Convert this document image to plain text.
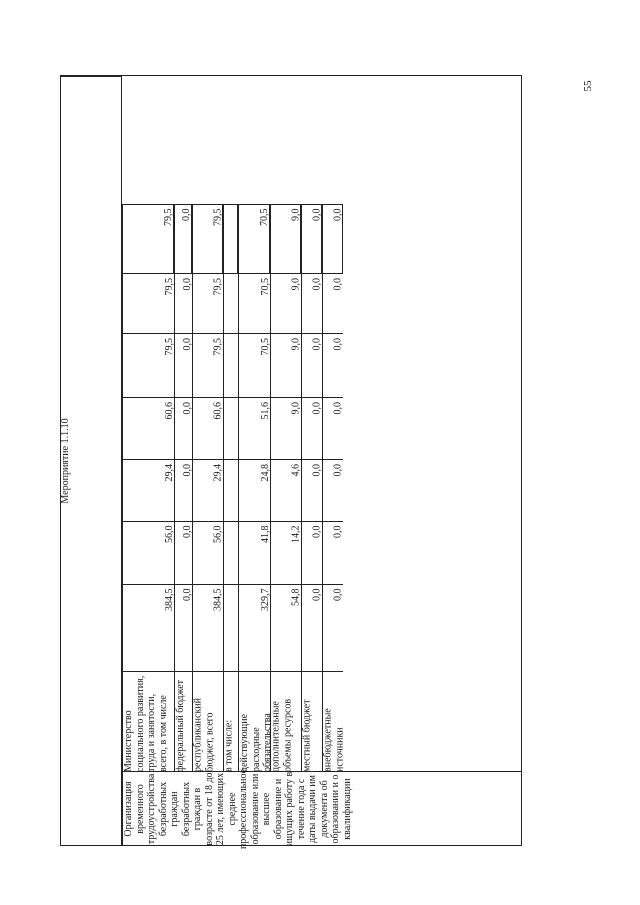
55
Мероприятие 1.1.10
Организация временного трудоустройства безработных граждан безработных граждан в возрасте от 18 до 25 лет, имеющих среднее профессиональное образование или высшее образование и ищущих работу в течение года с даты выдачи им документа об образовании и о квалификации
Министерство социального развития, труда и занятости, всего, в том числе
384,5
56,0
29,4
60,6
79,5
79,5
79,5
федеральный бюджет
0,0
0,0
0,0
0,0
0,0
0,0
0,0
республиканский бюджет, всего
384,5
56,0
29,4
60,6
79,5
79,5
79,5
в том числе: действующие расходные обязательства
329,7
41,8
24,8
51,6
70,5
70,5
70,5
дополнительные объемы ресурсов
54,8
14,2
4,6
9,0
9,0
9,0
9,0
местный бюджет
0,0
0,0
0,0
0,0
0,0
0,0
0,0
внебюджетные источники
0,0
0,0
0,0
0,0
0,0
0,0
0,0
